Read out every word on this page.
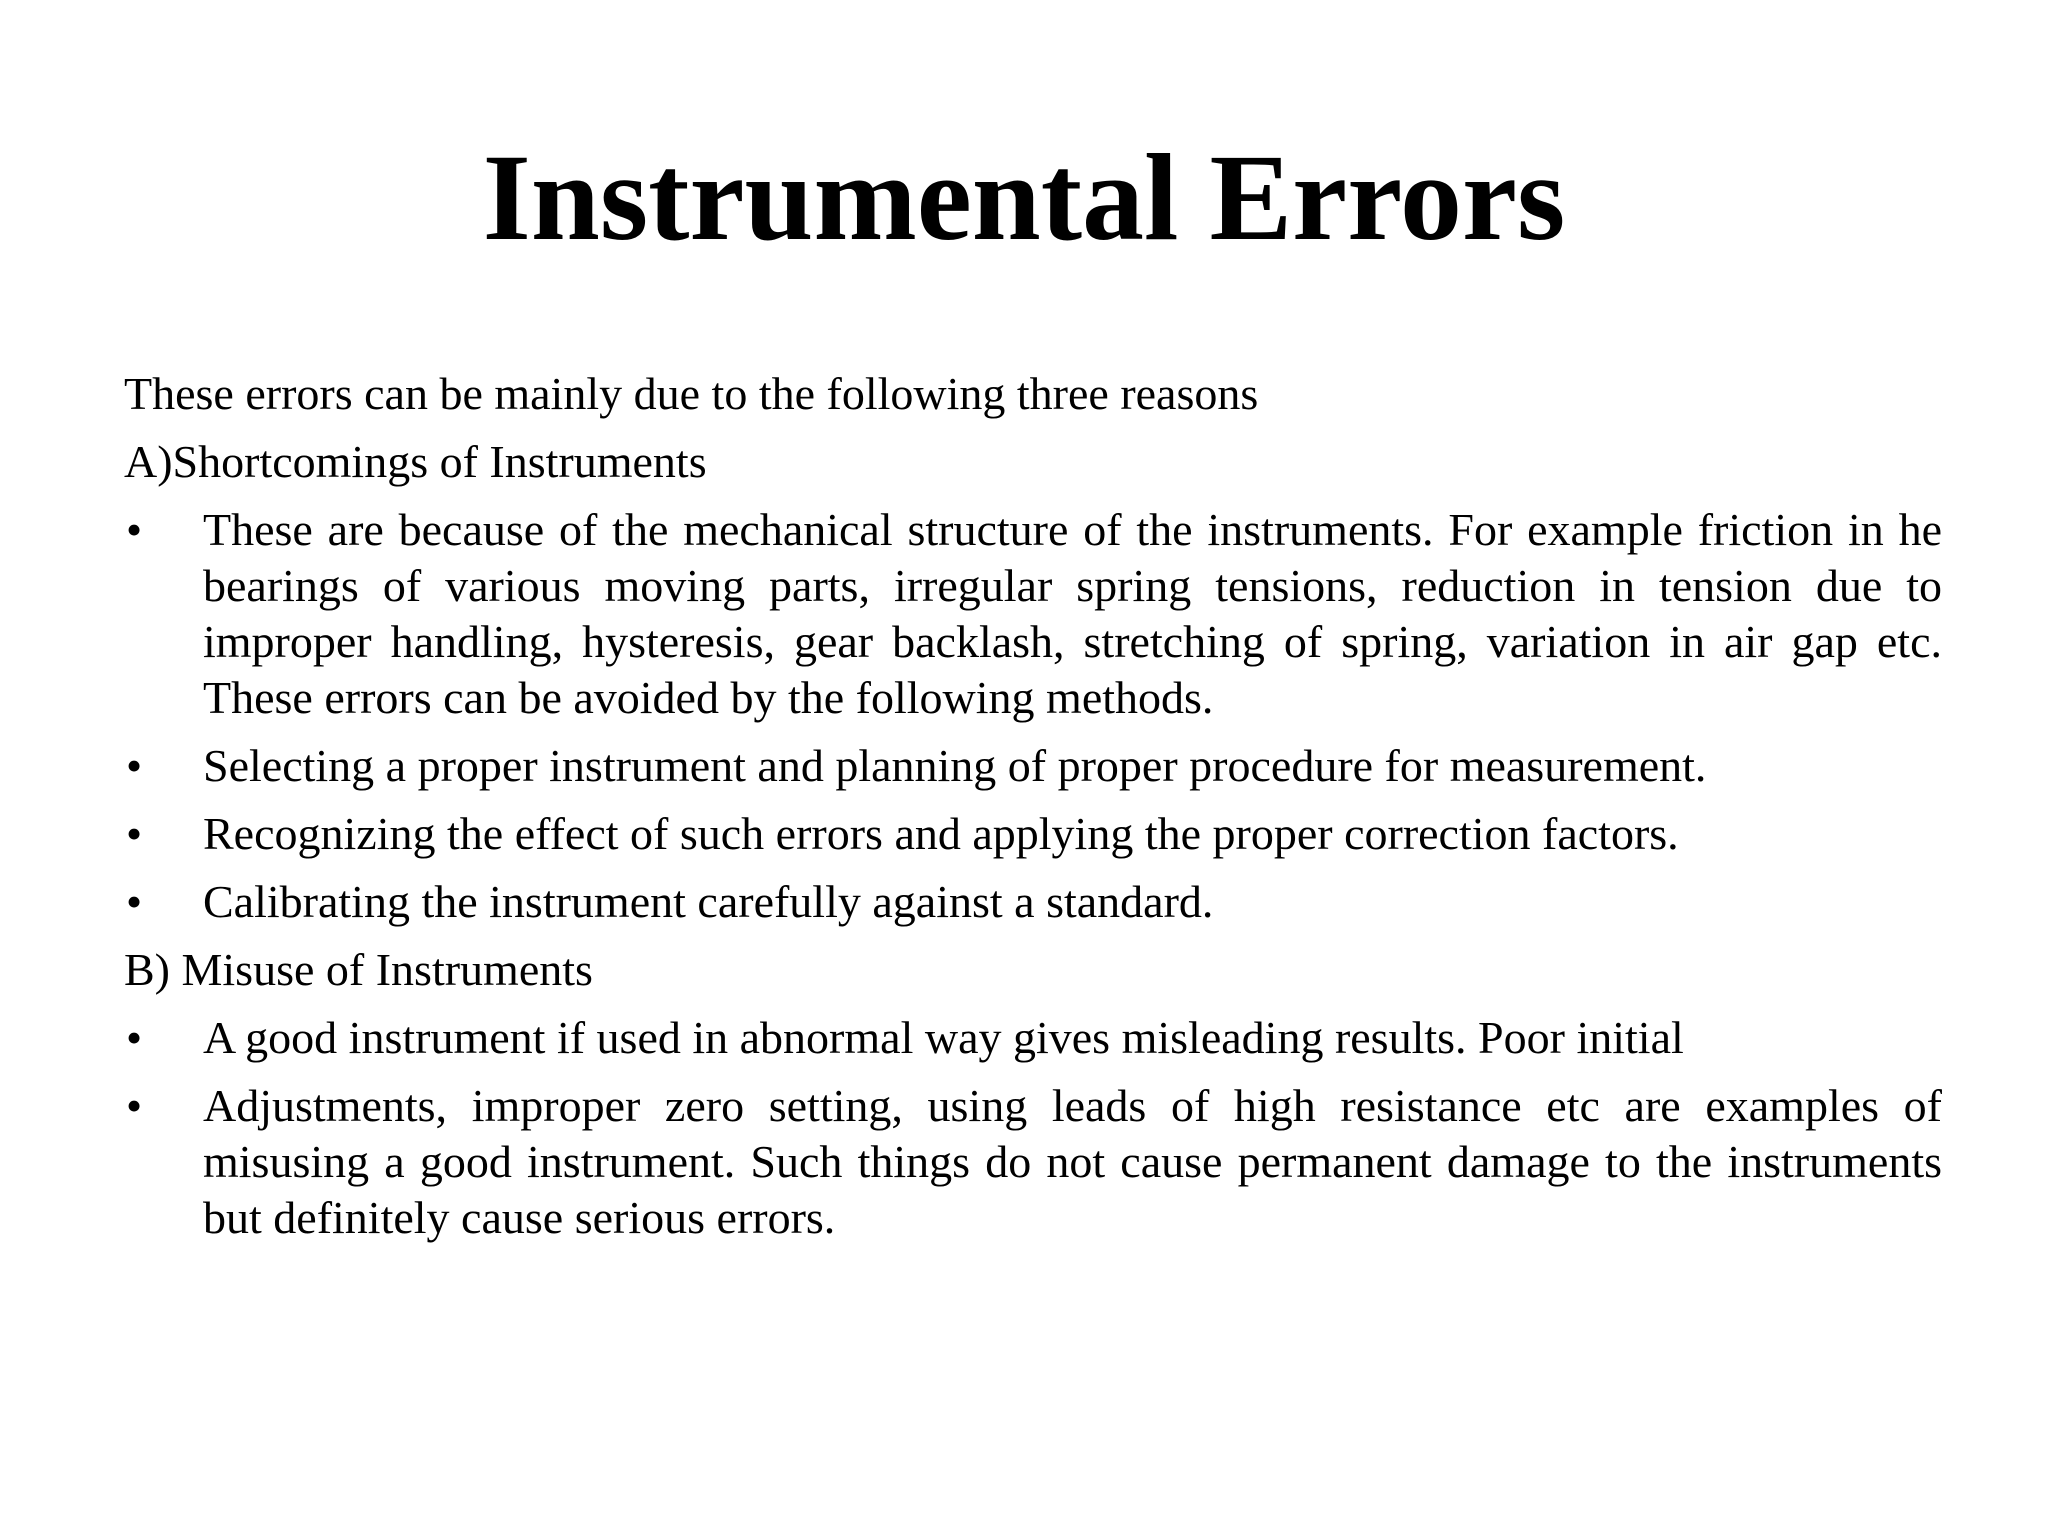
Instrumental Errors

These errors can be mainly due to the following three reasons

A)Shortcomings of Instruments

• These are because of the mechanical structure of the instruments. For example friction in he bearings of various moving parts, irregular spring tensions, reduction in tension due to improper handling, hysteresis, gear backlash, stretching of spring, variation in air gap etc. These errors can be avoided by the following methods.
• Selecting a proper instrument and planning of proper procedure for measurement.
• Recognizing the effect of such errors and applying the proper correction factors.
• Calibrating the instrument carefully against a standard.

B) Misuse of Instruments

• A good instrument if used in abnormal way gives misleading results. Poor initial
• Adjustments, improper zero setting, using leads of high resistance etc are examples of misusing a good instrument. Such things do not cause permanent damage to the instruments but definitely cause serious errors.
